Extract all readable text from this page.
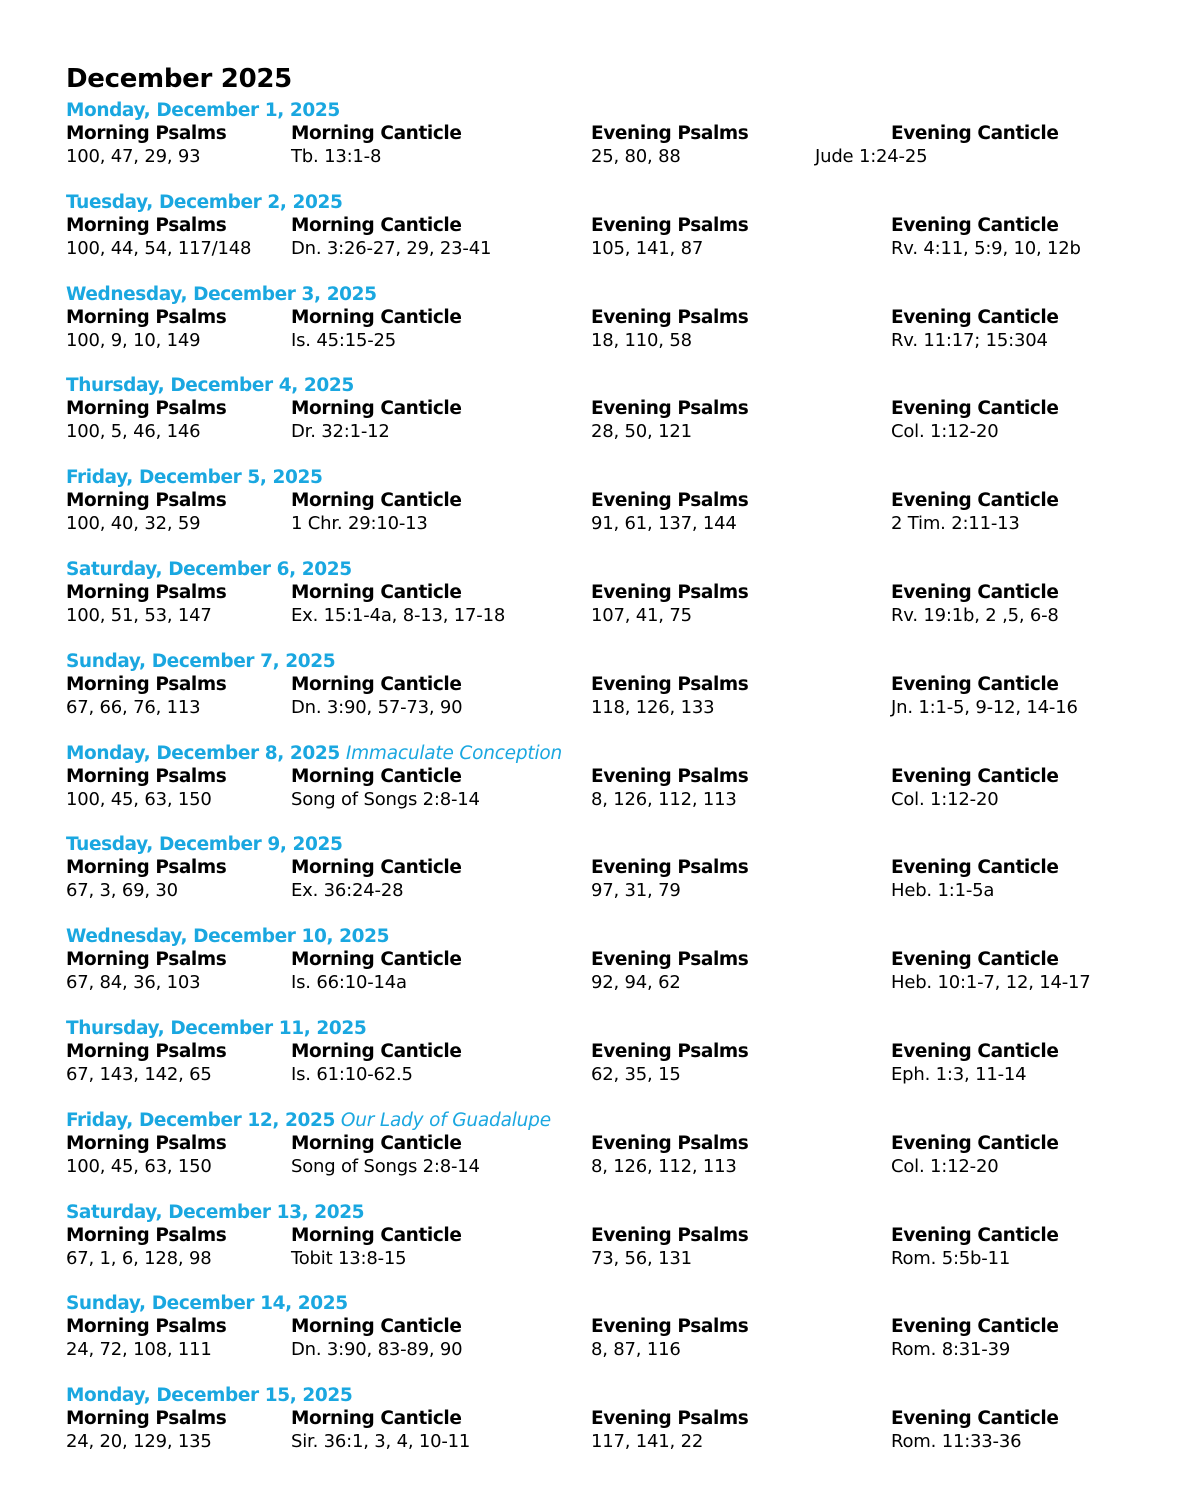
December 2025
Monday, December 1, 2025
Morning Psalms
100, 47, 29, 93
Morning Canticle
Tb. 13:1-8
Evening Psalms
25, 80, 88
Evening Canticle
Jude 1:24-25
Tuesday, December 2, 2025
Morning Psalms
100, 44, 54, 117/148
Morning Canticle
Dn. 3:26-27, 29, 23-41
Evening Psalms
105, 141, 87
Evening Canticle
Rv. 4:11, 5:9, 10, 12b
Wednesday, December 3, 2025
Morning Psalms
100, 9, 10, 149
Morning Canticle
Is. 45:15-25
Evening Psalms
18, 110, 58
Evening Canticle
Rv. 11:17; 15:304
Thursday, December 4, 2025
Morning Psalms
100, 5, 46, 146
Morning Canticle
Dr. 32:1-12
Evening Psalms
28, 50, 121
Evening Canticle
Col. 1:12-20
Friday, December 5, 2025
Morning Psalms
100, 40, 32, 59
Morning Canticle
1 Chr. 29:10-13
Evening Psalms
91, 61, 137, 144
Evening Canticle
2 Tim. 2:11-13
Saturday, December 6, 2025
Morning Psalms
100, 51, 53, 147
Morning Canticle
Ex. 15:1-4a, 8-13, 17-18
Evening Psalms
107, 41, 75
Evening Canticle
Rv. 19:1b, 2 ,5, 6-8
Sunday, December 7, 2025
Morning Psalms
67, 66, 76, 113
Morning Canticle
Dn. 3:90, 57-73, 90
Evening Psalms
118, 126, 133
Evening Canticle
Jn. 1:1-5, 9-12, 14-16
Monday, December 8, 2025 Immaculate Conception
Morning Psalms
100, 45, 63, 150
Morning Canticle
Song of Songs 2:8-14
Evening Psalms
8, 126, 112, 113
Evening Canticle
Col. 1:12-20
Tuesday, December 9, 2025
Morning Psalms
67, 3, 69, 30
Morning Canticle
Ex. 36:24-28
Evening Psalms
97, 31, 79
Evening Canticle
Heb. 1:1-5a
Wednesday, December 10, 2025
Morning Psalms
67, 84, 36, 103
Morning Canticle
Is. 66:10-14a
Evening Psalms
92, 94, 62
Evening Canticle
Heb. 10:1-7, 12, 14-17
Thursday, December 11, 2025
Morning Psalms
67, 143, 142, 65
Morning Canticle
Is. 61:10-62.5
Evening Psalms
62, 35, 15
Evening Canticle
Eph. 1:3, 11-14
Friday, December 12, 2025 Our Lady of Guadalupe
Morning Psalms
100, 45, 63, 150
Morning Canticle
Song of Songs 2:8-14
Evening Psalms
8, 126, 112, 113
Evening Canticle
Col. 1:12-20
Saturday, December 13, 2025
Morning Psalms
67, 1, 6, 128, 98
Morning Canticle
Tobit 13:8-15
Evening Psalms
73, 56, 131
Evening Canticle
Rom. 5:5b-11
Sunday, December 14, 2025
Morning Psalms
24, 72, 108, 111
Morning Canticle
Dn. 3:90, 83-89, 90
Evening Psalms
8, 87, 116
Evening Canticle
Rom. 8:31-39
Monday, December 15, 2025
Morning Psalms
24, 20, 129, 135
Morning Canticle
Sir. 36:1, 3, 4, 10-11
Evening Psalms
117, 141, 22
Evening Canticle
Rom. 11:33-36
